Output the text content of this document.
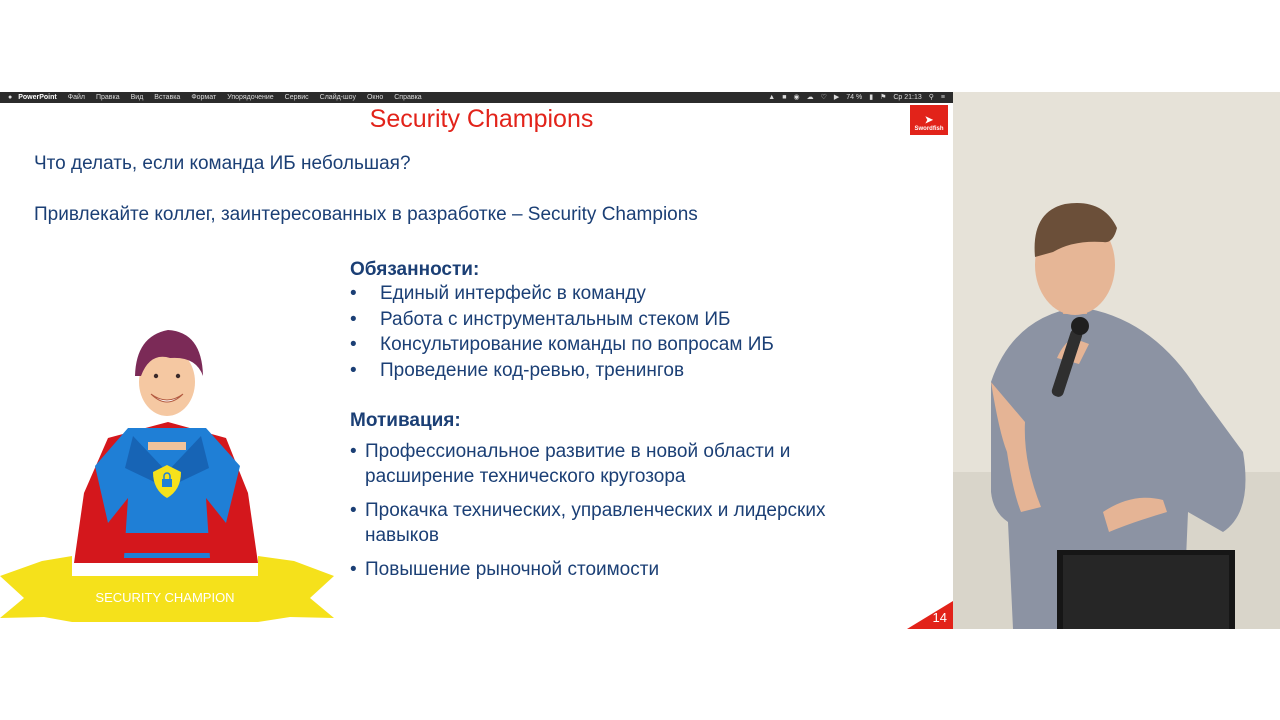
● PowerPoint Файл Правка Вид Вставка Формат Упорядочение Сервис Слайд-шоу Окно Справка	▲ ■ ◉ ☁ ♡ ▶ 74 % ▮ ⚑ Ср 21:13 ⚲ ≡
Security Champions	➤
Swordfish
Что делать, если команда ИБ небольшая?
Привлекайте коллег, заинтересованных в разработке – Security Champions
Обязанности:
• Единый интерфейс в команду
• Работа с инструментальным стеком ИБ
• Консультирование команды по вопросам ИБ
• Проведение код-ревью, тренингов
Мотивация:
• Профессиональное развитие в новой области и
расширение технического кругозора
• Прокачка технических, управленческих и лидерских
навыков
• Повышение рыночной стоимости
SECURITY CHAMPION
14
